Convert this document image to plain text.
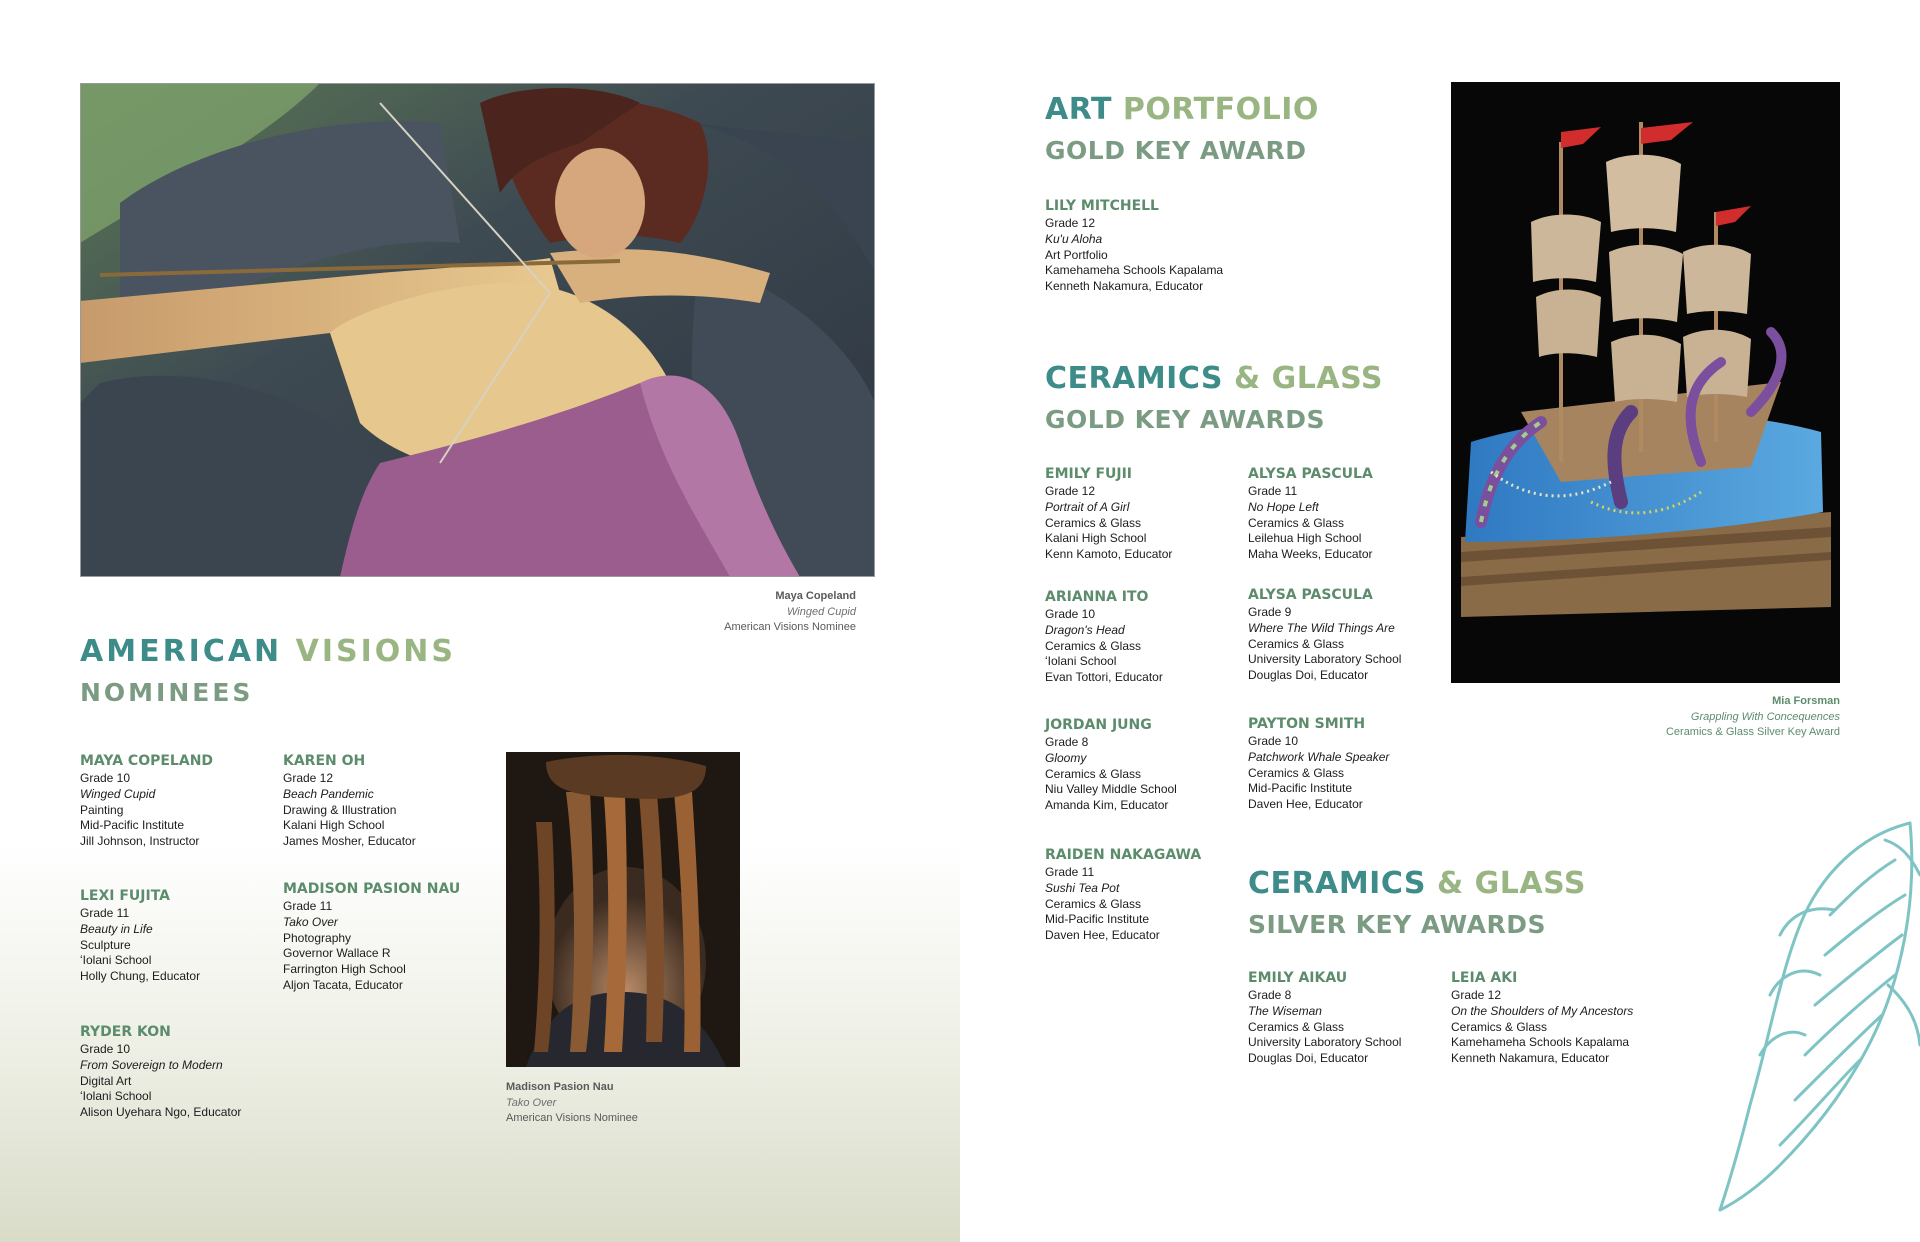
Maya Copeland
Winged Cupid
American Visions Nominee
AMERICAN VISIONS
NOMINEES
MAYA COPELAND
Grade 10
Winged Cupid
Painting
Mid-Pacific Institute
Jill Johnson, Instructor
KAREN OH
Grade 12
Beach Pandemic
Drawing & Illustration
Kalani High School
James Mosher, Educator
LEXI FUJITA
Grade 11
Beauty in Life
Sculpture
ʻIolani School
Holly Chung, Educator
MADISON PASION NAU
Grade 11
Tako Over
Photography
Governor Wallace R
Farrington High School
Aljon Tacata, Educator
RYDER KON
Grade 10
From Sovereign to Modern
Digital Art
ʻIolani School
Alison Uyehara Ngo, Educator
Madison Pasion Nau
Tako Over
American Visions Nominee
ART PORTFOLIO
GOLD KEY AWARD
LILY MITCHELL
Grade 12
Ku'u Aloha
Art Portfolio
Kamehameha Schools Kapalama
Kenneth Nakamura, Educator
CERAMICS & GLASS
GOLD KEY AWARDS
EMILY FUJII
Grade 12
Portrait of A Girl
Ceramics & Glass
Kalani High School
Kenn Kamoto, Educator
ALYSA PASCULA
Grade 11
No Hope Left
Ceramics & Glass
Leilehua High School
Maha Weeks, Educator
ARIANNA ITO
Grade 10
Dragon's Head
Ceramics & Glass
ʻIolani School
Evan Tottori, Educator
ALYSA PASCULA
Grade 9
Where The Wild Things Are
Ceramics & Glass
University Laboratory School
Douglas Doi, Educator
JORDAN JUNG
Grade 8
Gloomy
Ceramics & Glass
Niu Valley Middle School
Amanda Kim, Educator
PAYTON SMITH
Grade 10
Patchwork Whale Speaker
Ceramics & Glass
Mid-Pacific Institute
Daven Hee, Educator
RAIDEN NAKAGAWA
Grade 11
Sushi Tea Pot
Ceramics & Glass
Mid-Pacific Institute
Daven Hee, Educator
Mia Forsman
Grappling With Concequences
Ceramics & Glass Silver Key Award
CERAMICS & GLASS
SILVER KEY AWARDS
EMILY AIKAU
Grade 8
The Wiseman
Ceramics & Glass
University Laboratory School
Douglas Doi, Educator
LEIA AKI
Grade 12
On the Shoulders of My Ancestors
Ceramics & Glass
Kamehameha Schools Kapalama
Kenneth Nakamura, Educator
